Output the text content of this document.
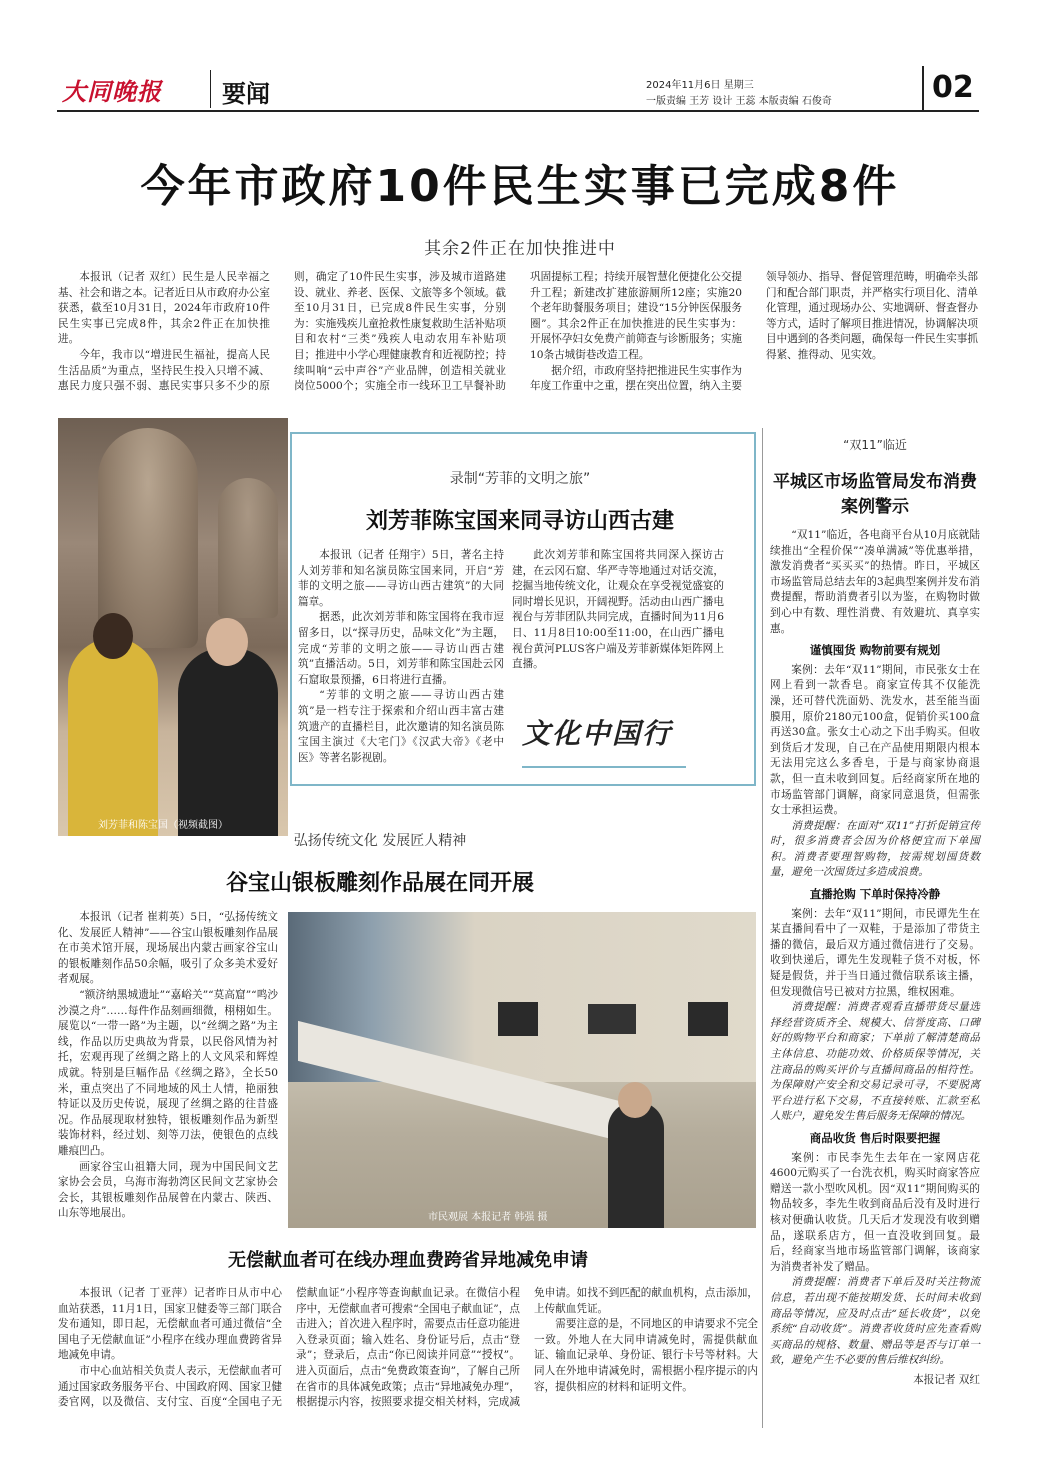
大同晚报	要闻	2024年11月6日 星期三
一版责编 王芳 设计 王蕊 本版责编 石俊奇	02
今年市政府10件民生实事已完成8件
其余2件正在加快推进中

本报讯（记者 双红）民生是人民幸福之基、社会和谐之本。记者近日从市政府办公室获悉，截至10月31日，2024年市政府10件民生实事已完成8件，其余2件正在加快推进。

今年，我市以“增进民生福祉，提高人民生活品质”为重点，坚持民生投入只增不减、惠民力度只强不弱、惠民实事只多不少的原则，确定了10件民生实事，涉及城市道路建设、就业、养老、医保、文旅等多个领域。截至10月31日，已完成8件民生实事，分别为：实施残疾儿童抢救性康复救助生活补贴项目和农村“三类”残疾人电动农用车补贴项目；推进中小学心理健康教育和近视防控；持续叫响“云中声谷”产业品牌，创造相关就业岗位5000个；实施全市一线环卫工早餐补助巩固提标工程；持续开展智慧化便捷化公交提升工程；新建改扩建旅游厕所12座；实施20个老年助餐服务项目；建设“15分钟医保服务圈”。其余2件正在加快推进的民生实事为：开展怀孕妇女免费产前筛查与诊断服务；实施10条古城街巷改造工程。

据介绍，市政府坚持把推进民生实事作为年度工作重中之重，摆在突出位置，纳入主要领导领办、指导、督促管理范畴，明确牵头部门和配合部门职责，并严格实行项目化、清单化管理，通过现场办公、实地调研、督查督办等方式，适时了解项目推进情况，协调解决项目中遇到的各类问题，确保每一件民生实事抓得紧、推得动、见实效。

刘芳菲和陈宝国（视频截图）
录制“芳菲的文明之旅”
刘芳菲陈宝国来同寻访山西古建

本报讯（记者 任翔宇）5日，著名主持人刘芳菲和知名演员陈宝国来同，开启“芳菲的文明之旅——寻访山西古建筑”的大同篇章。

据悉，此次刘芳菲和陈宝国将在我市逗留多日，以“探寻历史，品味文化”为主题，完成“芳菲的文明之旅——寻访山西古建筑”直播活动。5日，刘芳菲和陈宝国赴云冈石窟取景预播，6日将进行直播。

“芳菲的文明之旅——寻访山西古建筑”是一档专注于探索和介绍山西丰富古建筑遗产的直播栏目，此次邀请的知名演员陈宝国主演过《大宅门》《汉武大帝》《老中医》等著名影视剧。

此次刘芳菲和陈宝国将共同深入探访古建，在云冈石窟、华严寺等地通过对话交流，挖掘当地传统文化，让观众在享受视觉盛宴的同时增长见识，开阔视野。活动由山西广播电视台与芳菲团队共同完成，直播时间为11月6日、11月8日10:00至11:00，在山西广播电视台黄河PLUS客户端及芳菲新媒体矩阵网上直播。

文化中国行
“双11”临近
平城区市场监管局发布消费案例警示

“双11”临近，各电商平台从10月底就陆续推出“全程价保”“凑单满减”等优惠举措，激发消费者“买买买”的热情。昨日，平城区市场监管局总结去年的3起典型案例并发布消费提醒，帮助消费者引以为鉴，在购物时做到心中有数、理性消费、有效避坑、真享实惠。

谨慎囤货 购物前要有规划

案例：去年“双11”期间，市民张女士在网上看到一款香皂。商家宣传其不仅能洗澡，还可替代洗面奶、洗发水，甚至能当面膜用，原价2180元100盒，促销价买100盒再送30盒。张女士心动之下出手购买。但收到货后才发现，自己在产品使用期限内根本无法用完这么多香皂，于是与商家协商退款，但一直未收到回复。后经商家所在地的市场监管部门调解，商家同意退货，但需张女士承担运费。

消费提醒：在面对“双11”打折促销宣传时，很多消费者会因为价格便宜而下单囤积。消费者要理智购物，按需规划囤货数量，避免一次囤货过多造成浪费。

直播抢购 下单时保持冷静

案例：去年“双11”期间，市民谭先生在某直播间看中了一双鞋，于是添加了带货主播的微信，最后双方通过微信进行了交易。收到快递后，谭先生发现鞋子货不对板，怀疑是假货，并于当日通过微信联系该主播，但发现微信号已被对方拉黑，维权困难。

消费提醒：消费者观看直播带货尽量选择经营资质齐全、规模大、信誉度高、口碑好的购物平台和商家；下单前了解清楚商品主体信息、功能功效、价格质保等情况，关注商品的购买评价与直播间商品的相符性。为保障财产安全和交易记录可寻，不要脱离平台进行私下交易，不直接转账、汇款至私人账户，避免发生售后服务无保障的情况。

商品收货 售后时限要把握

案例：市民李先生去年在一家网店花4600元购买了一台洗衣机，购买时商家答应赠送一款小型吹风机。因“双11”期间购买的物品较多，李先生收到商品后没有及时进行核对便确认收货。几天后才发现没有收到赠品，遂联系店方，但一直没收到回复。最后，经商家当地市场监管部门调解，该商家为消费者补发了赠品。

消费提醒：消费者下单后及时关注物流信息，若出现不能按期发货、长时间未收到商品等情况，应及时点击“延长收货”，以免系统“自动收货”。消费者收货时应先查看购买商品的规格、数量、赠品等是否与订单一致，避免产生不必要的售后维权纠纷。

本报记者 双红
弘扬传统文化 发展匠人精神
谷宝山银板雕刻作品展在同开展

本报讯（记者 崔莉英）5日，“弘扬传统文化、发展匠人精神”——谷宝山银板雕刻作品展在市美术馆开展，现场展出内蒙古画家谷宝山的银板雕刻作品50余幅，吸引了众多美术爱好者观展。

“额济纳黑城遗址”“嘉峪关”“莫高窟”“鸣沙沙漠之舟”……每件作品刻画细微，栩栩如生。展览以“一带一路”为主题，以“丝绸之路”为主线，作品以历史典故为背景，以民俗风情为衬托，宏观再现了丝绸之路上的人文风采和辉煌成就。特别是巨幅作品《丝绸之路》，全长50米，重点突出了不同地域的风土人情，艳丽独特证以及历史传说，展现了丝绸之路的往昔盛况。作品展现取材独特，银板雕刻作品为新型装饰材料，经过划、刻等刀法，使银色的点线雕痕凹凸。

画家谷宝山祖籍大同，现为中国民间文艺家协会会员，乌海市海勃湾区民间文艺家协会会长，其银板雕刻作品展曾在内蒙古、陕西、山东等地展出。	市民观展 本报记者 韩强 摄
无偿献血者可在线办理血费跨省异地减免申请

本报讯（记者 丁亚萍）记者昨日从市中心血站获悉，11月1日，国家卫健委等三部门联合发布通知，即日起，无偿献血者可通过微信“全国电子无偿献血证”小程序在线办理血费跨省异地减免申请。

市中心血站相关负责人表示，无偿献血者可通过国家政务服务平台、中国政府网、国家卫健委官网，以及微信、支付宝、百度“全国电子无偿献血证”小程序等查询献血记录。在微信小程序中，无偿献血者可搜索“全国电子献血证”，点击进入；首次进入程序时，需要点击任意功能进入登录页面；输入姓名、身份证号后，点击“登录”；登录后，点击“你已阅读并同意”“授权”。进入页面后，点击“免费政策查询”，了解自己所在省市的具体减免政策；点击“异地减免办理”，根据提示内容，按照要求提交相关材料，完成减免申请。如找不到匹配的献血机构，点击添加，上传献血凭证。

需要注意的是，不同地区的申请要求不完全一致。外地人在大同申请减免时，需提供献血证、输血记录单、身份证、银行卡号等材料。大同人在外地申请减免时，需根据小程序提示的内容，提供相应的材料和证明文件。
